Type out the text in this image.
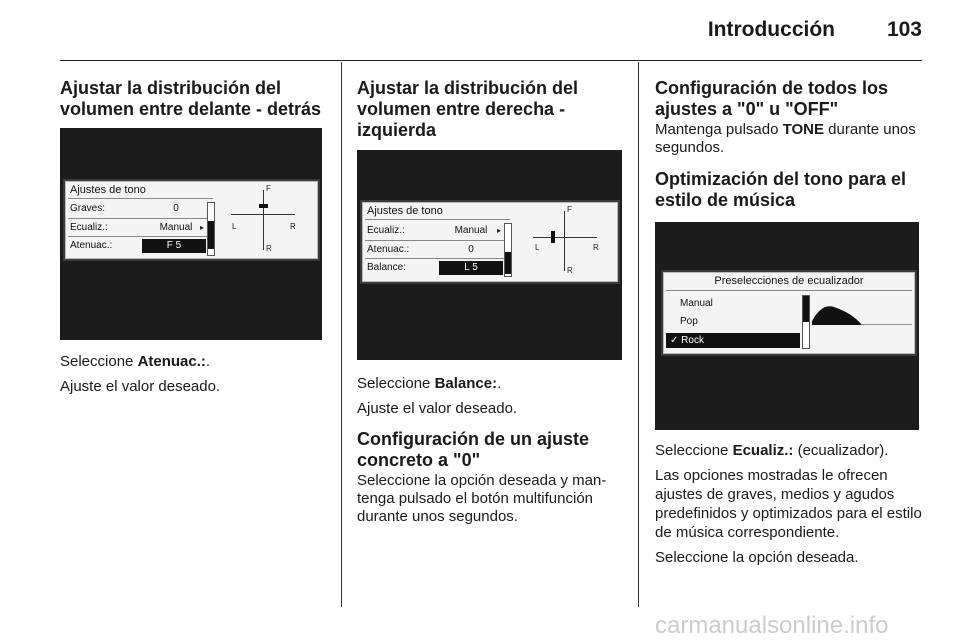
Introducción 103
Ajustar la distribución del volumen entre delante - detrás
Ajustes de tono
Graves:	0
Ecualiz.:	Manual ▸
Atenuac.:	F 5
F
L	R
R

Seleccione Atenuac.:.

Ajuste el valor deseado.

Ajustar la distribución del volumen entre derecha - izquierda
Ajustes de tono
Ecualiz.:	Manual	▸
Atenuac.:	0
Balance:	L 5
F
L	R
R

Seleccione Balance:.

Ajuste el valor deseado.

Configuración de un ajuste concreto a "0"

Seleccione la opción deseada y man-tenga pulsado el botón multifunción durante unos segundos.

Configuración de todos los ajustes a "0" u "OFF"

Mantenga pulsado TONE durante unos segundos.

Optimización del tono para el estilo de música
Preselecciones de ecualizador
Manual
Pop
✓ Rock

Seleccione Ecualiz.: (ecualizador).

Las opciones mostradas le ofrecen ajustes de graves, medios y agudos predefinidos y optimizados para el estilo de música correspondiente.

Seleccione la opción deseada.

carmanualsonline.info
